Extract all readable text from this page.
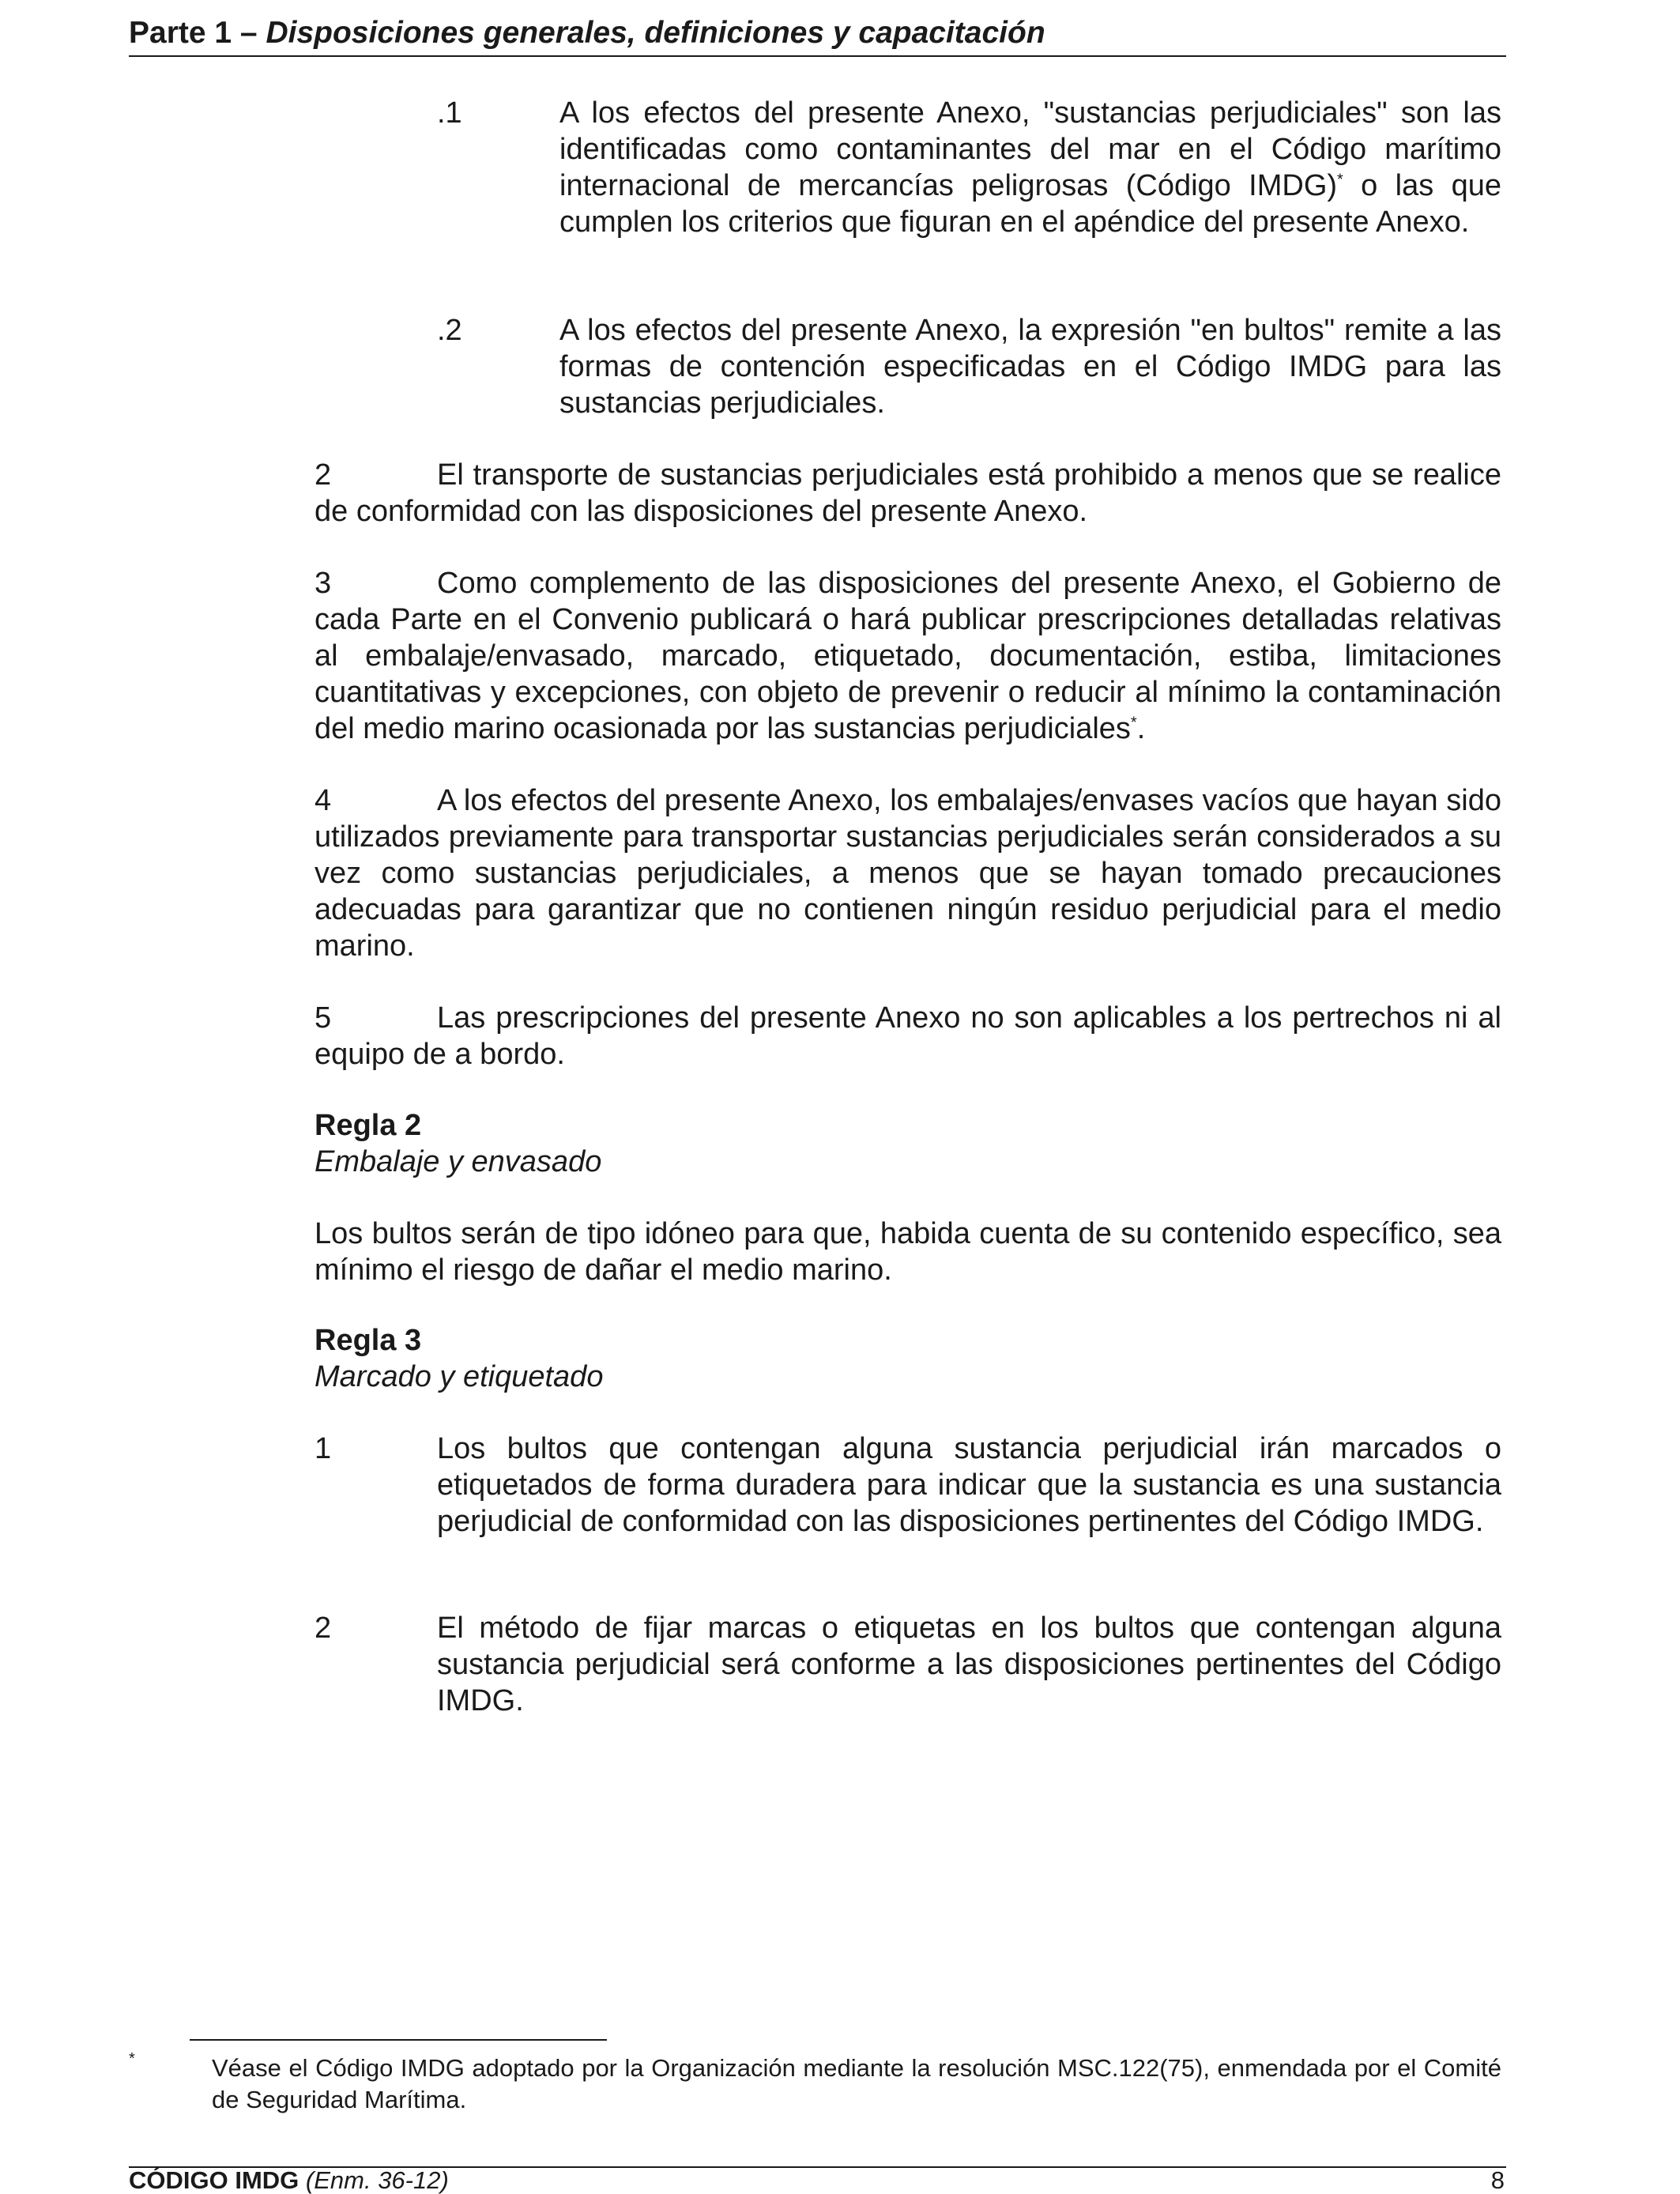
Parte 1 – Disposiciones generales, definiciones y capacitación
.1	A los efectos del presente Anexo, "sustancias perjudiciales" son las identificadas como contaminantes del mar en el Código marítimo internacional de mercancías peligrosas (Código IMDG)* o las que cumplen los criterios que figuran en el apéndice del presente Anexo.
.2	A los efectos del presente Anexo, la expresión "en bultos" remite a las formas de contención especificadas en el Código IMDG para las sustancias perjudiciales.
2	El transporte de sustancias perjudiciales está prohibido a menos que se realice de conformidad con las disposiciones del presente Anexo.
3	Como complemento de las disposiciones del presente Anexo, el Gobierno de cada Parte en el Convenio publicará o hará publicar prescripciones detalladas relativas al embalaje/envasado, marcado, etiquetado, documentación, estiba, limitaciones cuantitativas y excepciones, con objeto de prevenir o reducir al mínimo la contaminación del medio marino ocasionada por las sustancias perjudiciales*.
4	A los efectos del presente Anexo, los embalajes/envases vacíos que hayan sido utilizados previamente para transportar sustancias perjudiciales serán considerados a su vez como sustancias perjudiciales, a menos que se hayan tomado precauciones adecuadas para garantizar que no contienen ningún residuo perjudicial para el medio marino.
5	Las prescripciones del presente Anexo no son aplicables a los pertrechos ni al equipo de a bordo.
Regla 2
Embalaje y envasado
Los bultos serán de tipo idóneo para que, habida cuenta de su contenido específico, sea mínimo el riesgo de dañar el medio marino.
Regla 3
Marcado y etiquetado
1	Los bultos que contengan alguna sustancia perjudicial irán marcados o etiquetados de forma duradera para indicar que la sustancia es una sustancia perjudicial de conformidad con las disposiciones pertinentes del Código IMDG.
2	El método de fijar marcas o etiquetas en los bultos que contengan alguna sustancia perjudicial será conforme a las disposiciones pertinentes del Código IMDG.
*	Véase el Código IMDG adoptado por la Organización mediante la resolución MSC.122(75), enmendada por el Comité de Seguridad Marítima.
CÓDIGO IMDG (Enm. 36-12)	8
